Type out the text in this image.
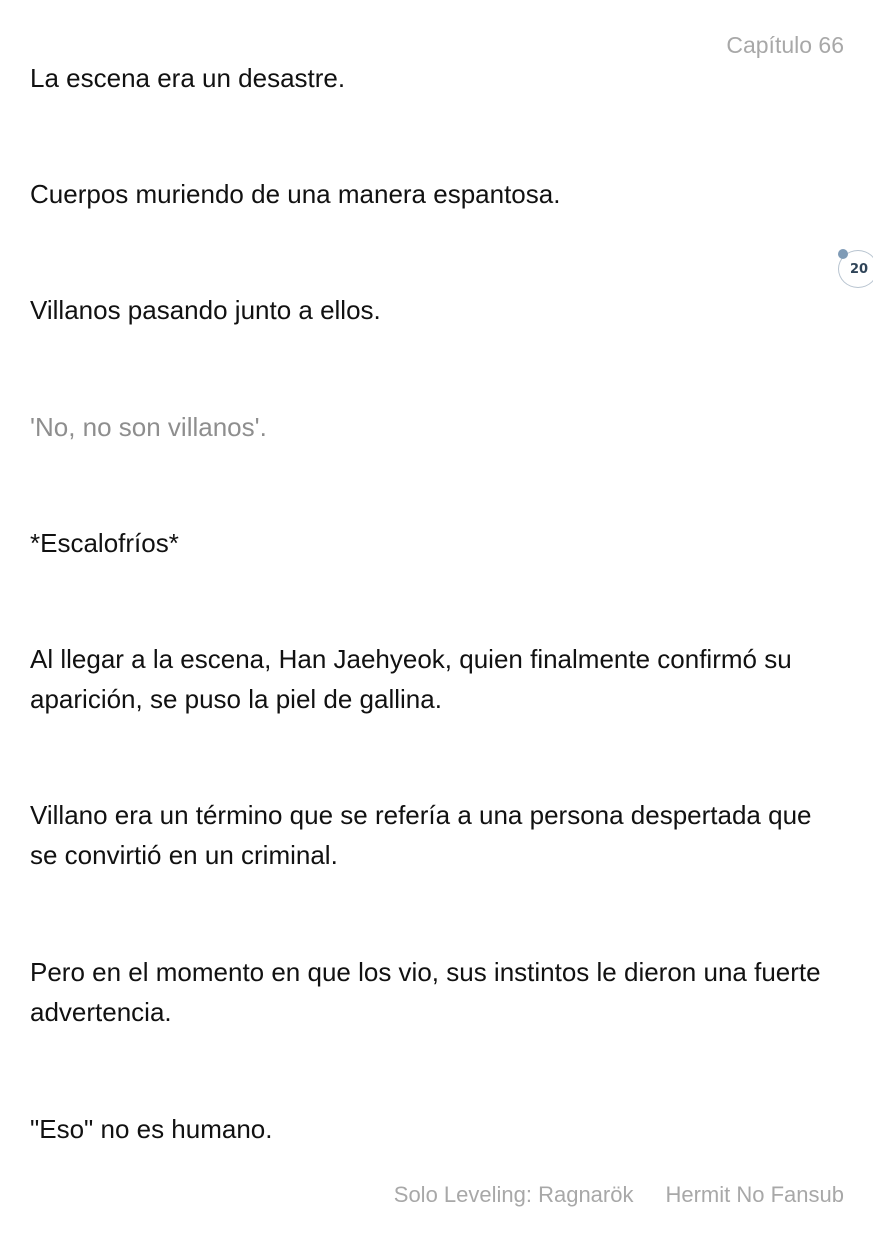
Capítulo 66

La escena era un desastre.

Cuerpos muriendo de una manera espantosa.

Villanos pasando junto a ellos.

'No, no son villanos'.

*Escalofríos*

Al llegar a la escena, Han Jaehyeok, quien finalmente confirmó su aparición, se puso la piel de gallina.

Villano era un término que se refería a una persona despertada que se convirtió en un criminal.

Pero en el momento en que los vio, sus instintos le dieron una fuerte advertencia.

"Eso" no es humano.

20
Solo Leveling: Ragnarök Hermit No Fansub
